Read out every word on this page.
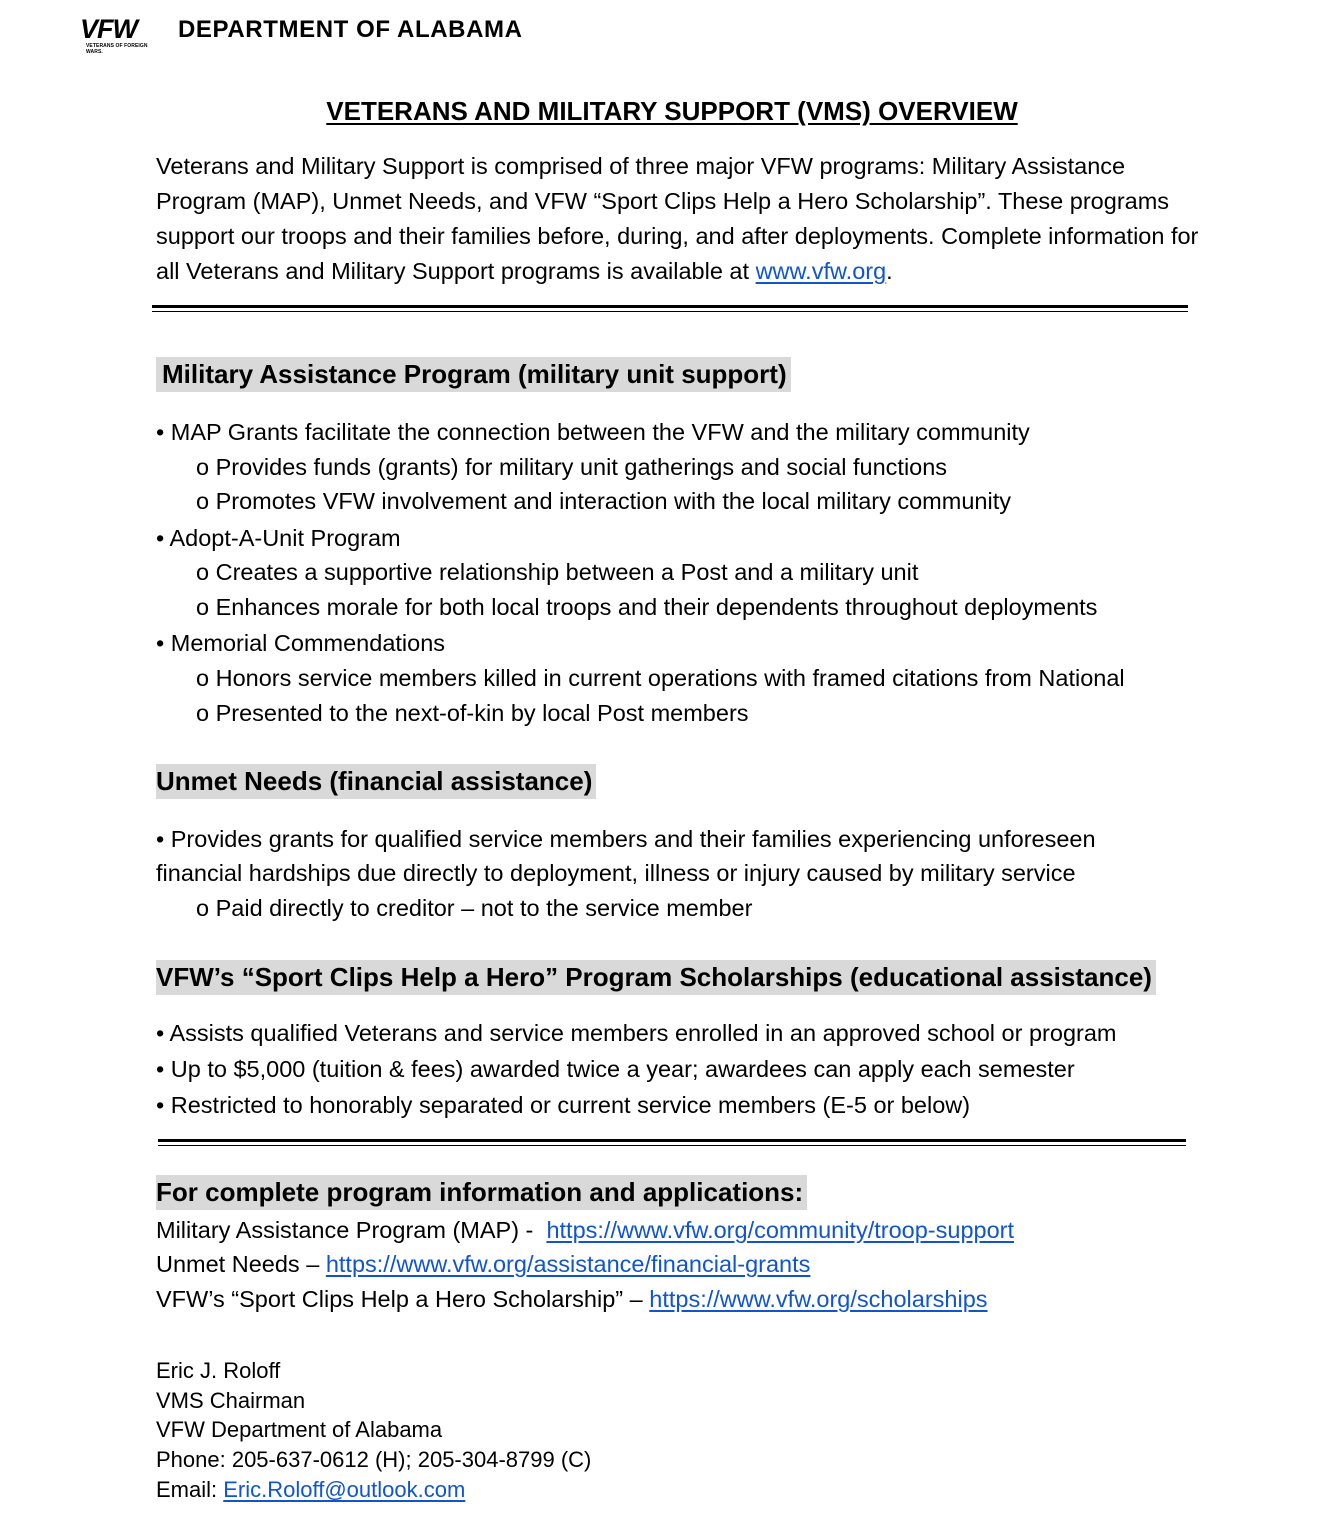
VFW
VETERANS OF FOREIGN WARS.
DEPARTMENT OF ALABAMA
VETERANS AND MILITARY SUPPORT (VMS) OVERVIEW
Veterans and Military Support is comprised of three major VFW programs: Military Assistance Program (MAP), Unmet Needs, and VFW “Sport Clips Help a Hero Scholarship”. These programs support our troops and their families before, during, and after deployments. Complete information for all Veterans and Military Support programs is available at www.vfw.org.
Military Assistance Program (military unit support)
• MAP Grants facilitate the connection between the VFW and the military community
o Provides funds (grants) for military unit gatherings and social functions
o Promotes VFW involvement and interaction with the local military community
• Adopt-A-Unit Program
o Creates a supportive relationship between a Post and a military unit
o Enhances morale for both local troops and their dependents throughout deployments
• Memorial Commendations
o Honors service members killed in current operations with framed citations from National
o Presented to the next-of-kin by local Post members
Unmet Needs (financial assistance)
• Provides grants for qualified service members and their families experiencing unforeseen
financial hardships due directly to deployment, illness or injury caused by military service
o Paid directly to creditor – not to the service member
VFW’s “Sport Clips Help a Hero” Program Scholarships (educational assistance)
• Assists qualified Veterans and service members enrolled in an approved school or program
• Up to $5,000 (tuition & fees) awarded twice a year; awardees can apply each semester
• Restricted to honorably separated or current service members (E-5 or below)
For complete program information and applications:
Military Assistance Program (MAP) -  https://www.vfw.org/community/troop-support
Unmet Needs – https://www.vfw.org/assistance/financial-grants
VFW’s “Sport Clips Help a Hero Scholarship” – https://www.vfw.org/scholarships
Eric J. Roloff
VMS Chairman
VFW Department of Alabama
Phone: 205-637-0612 (H); 205-304-8799 (C)
Email: Eric.Roloff@outlook.com
